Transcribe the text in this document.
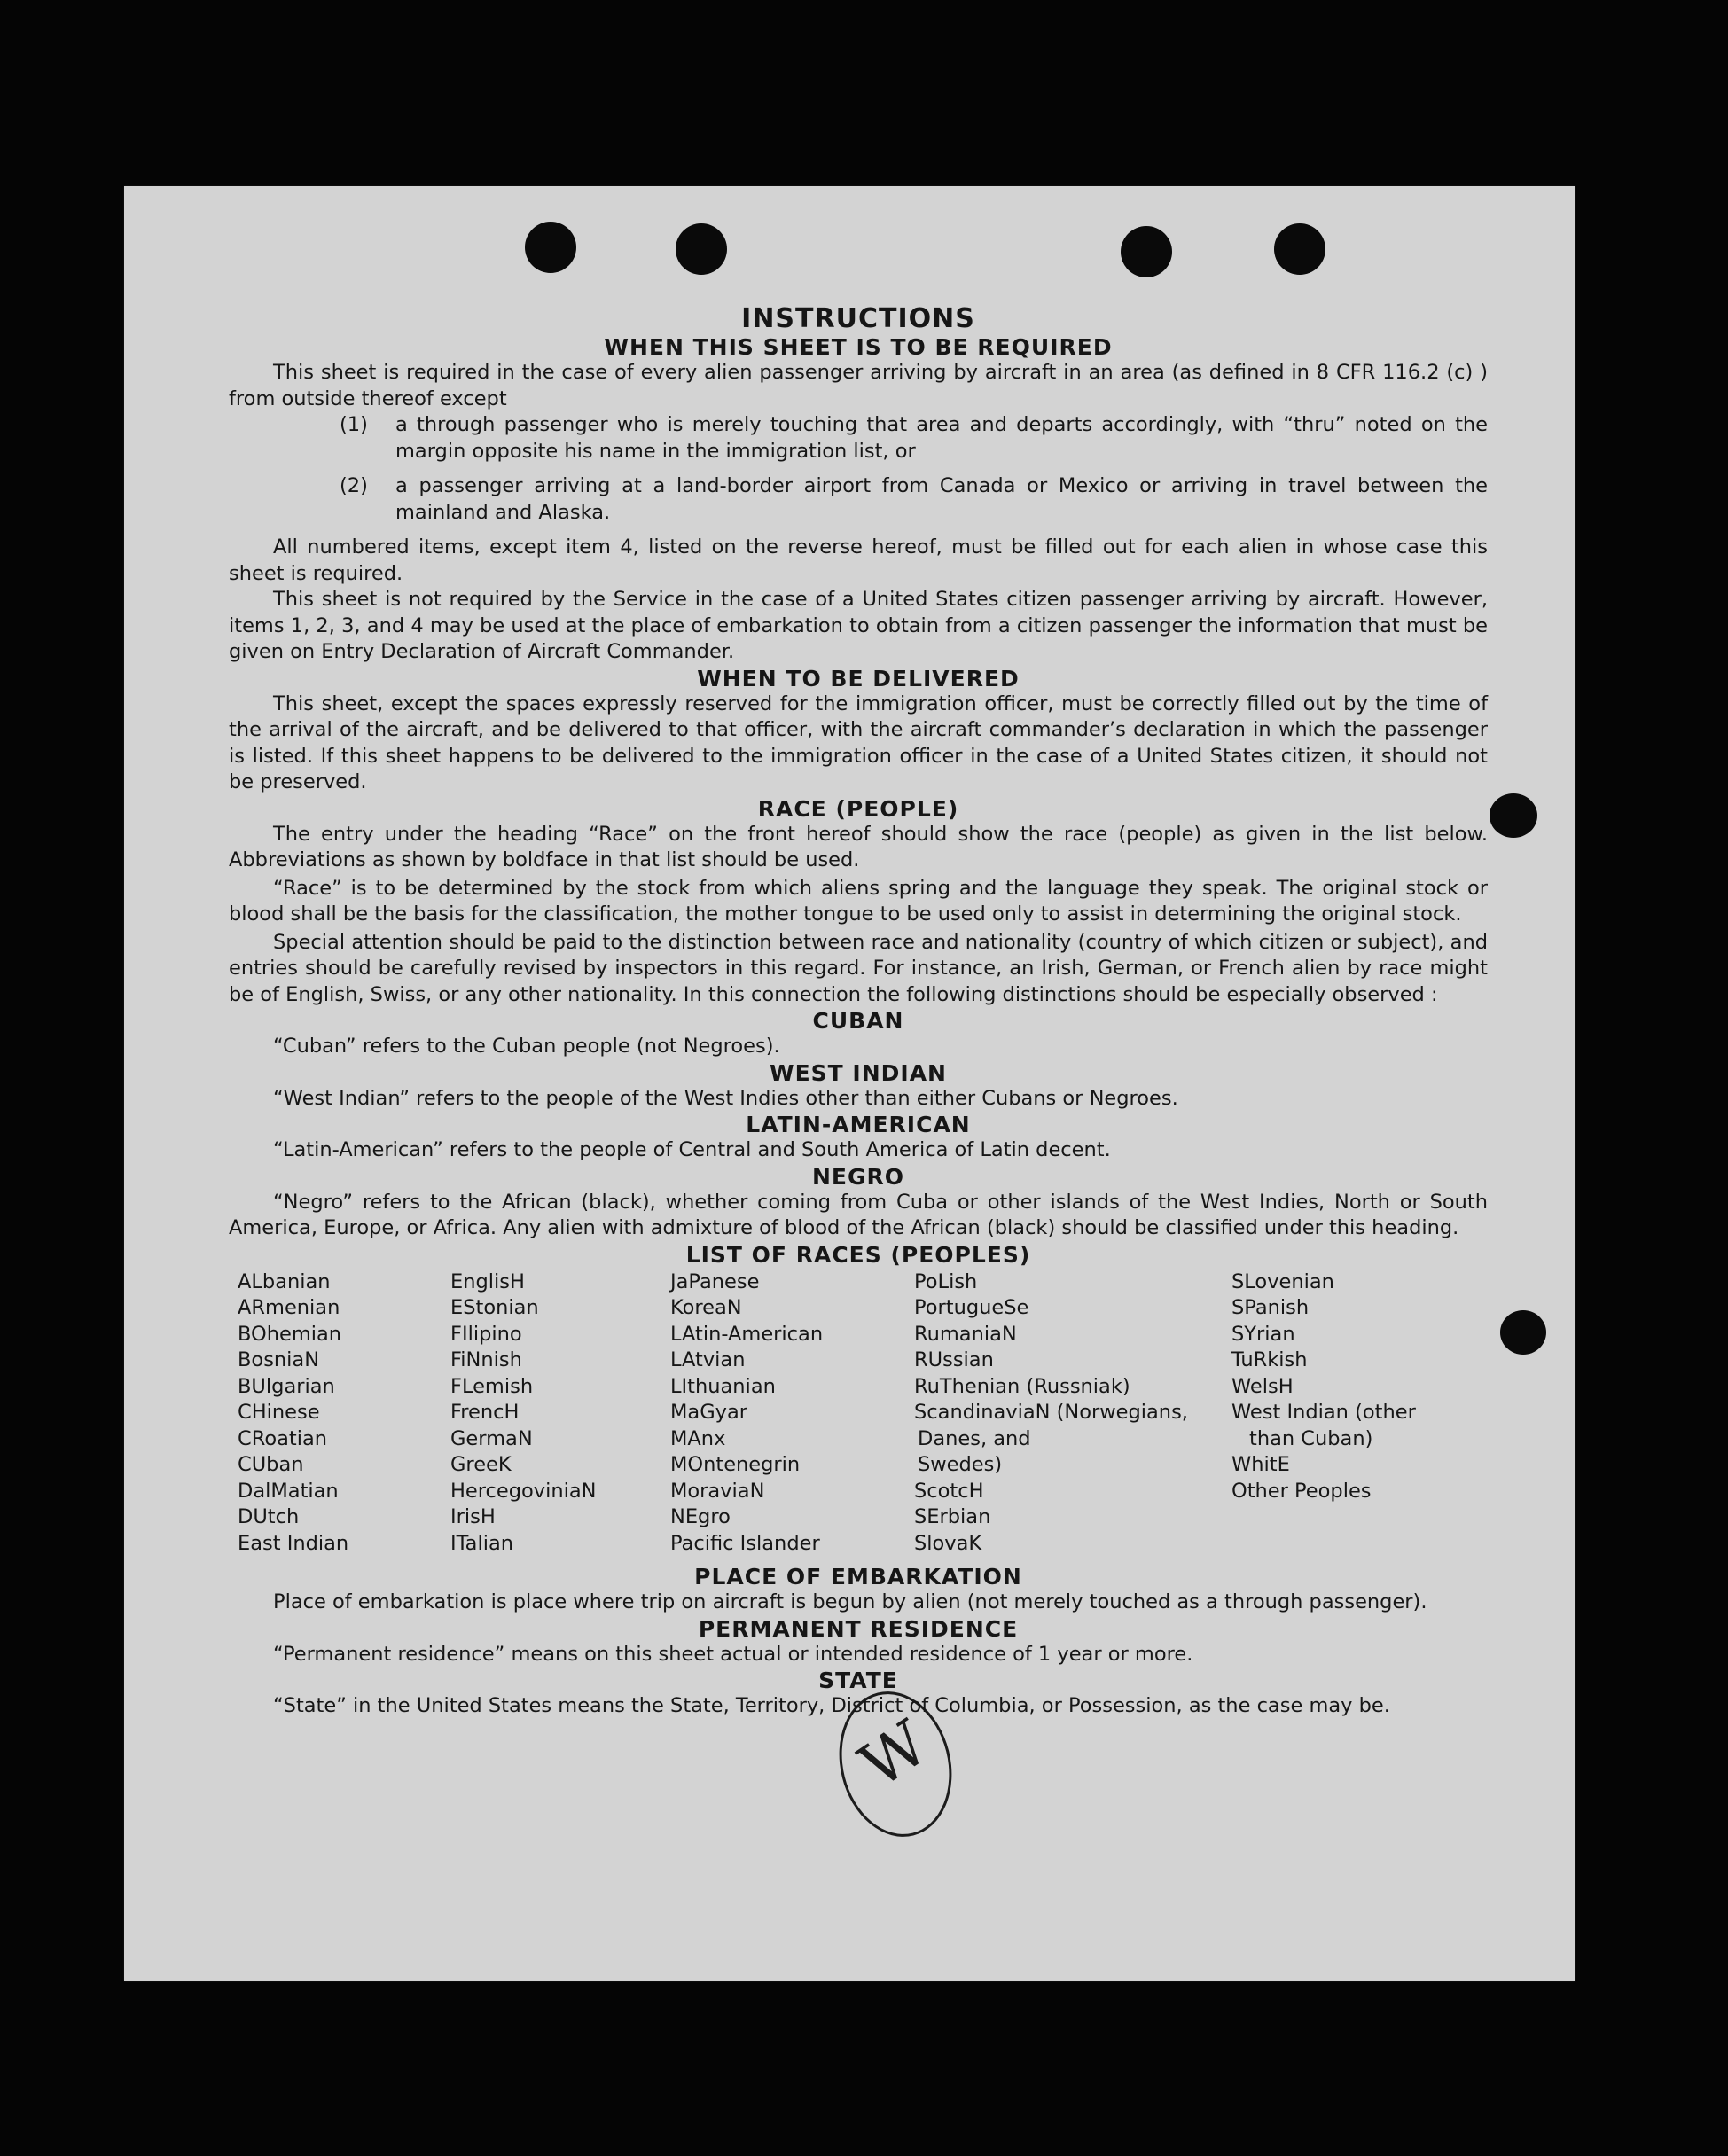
W

INSTRUCTIONS

WHEN THIS SHEET IS TO BE REQUIRED

This sheet is required in the case of every alien passenger arriving by aircraft in an area (as defined in 8 CFR 116.2 (c) ) from outside thereof except

(1)	a through passenger who is merely touching that area and departs accordingly, with “thru” noted on the margin opposite his name in the immigration list, or
(2)	a passenger arriving at a land-border airport from Canada or Mexico or arriving in travel between the mainland and Alaska.

All numbered items, except item 4, listed on the reverse hereof, must be filled out for each alien in whose case this sheet is required.

This sheet is not required by the Service in the case of a United States citizen passenger arriving by aircraft. However, items 1, 2, 3, and 4 may be used at the place of embarkation to obtain from a citizen passenger the information that must be given on Entry Declaration of Aircraft Commander.

WHEN TO BE DELIVERED

This sheet, except the spaces expressly reserved for the immigration officer, must be correctly filled out by the time of the arrival of the aircraft, and be delivered to that officer, with the aircraft commander’s declaration in which the passenger is listed. If this sheet happens to be delivered to the immigration officer in the case of a United States citizen, it should not be preserved.

RACE (PEOPLE)

The entry under the heading “Race” on the front hereof should show the race (people) as given in the list below. Abbreviations as shown by boldface in that list should be used.

“Race” is to be determined by the stock from which aliens spring and the language they speak. The original stock or blood shall be the basis for the classification, the mother tongue to be used only to assist in determining the original stock.

Special attention should be paid to the distinction between race and nationality (country of which citizen or subject), and entries should be carefully revised by inspectors in this regard. For instance, an Irish, German, or French alien by race might be of English, Swiss, or any other nationality. In this connection the following distinctions should be especially observed :

CUBAN

“Cuban” refers to the Cuban people (not Negroes).

WEST INDIAN

“West Indian” refers to the people of the West Indies other than either Cubans or Negroes.

LATIN-AMERICAN

“Latin-American” refers to the people of Central and South America of Latin decent.

NEGRO

“Negro” refers to the African (black), whether coming from Cuba or other islands of the West Indies, North or South America, Europe, or Africa. Any alien with admixture of blood of the African (black) should be classified under this heading.

LIST OF RACES (PEOPLES)

ALbanian
ARmenian
BOhemian
BosniaN
BUlgarian
CHinese
CRoatian
CUban
DalMatian
DUtch
East Indian
EnglisH
EStonian
FIlipino
FiNnish
FLemish
FrencH
GermaN
GreeK
HercegoviniaN
IrisH
ITalian
JaPanese
KoreaN
LAtin-American
LAtvian
LIthuanian
MaGyar
MAnx
MOntenegrin
MoraviaN
NEgro
Pacific Islander
PoLish
PortugueSe
RumaniaN
RUssian
RuThenian (Russniak)
ScandinaviaN (Norwegians,
Danes, and
Swedes)
ScotcH
SErbian
SlovaK
SLovenian
SPanish
SYrian
TuRkish
WelsH
West Indian (other
than Cuban)
WhitE
Other Peoples

PLACE OF EMBARKATION

Place of embarkation is place where trip on aircraft is begun by alien (not merely touched as a through passenger).

PERMANENT RESIDENCE

“Permanent residence” means on this sheet actual or intended residence of 1 year or more.

STATE

“State” in the United States means the State, Territory, District of Columbia, or Possession, as the case may be.
